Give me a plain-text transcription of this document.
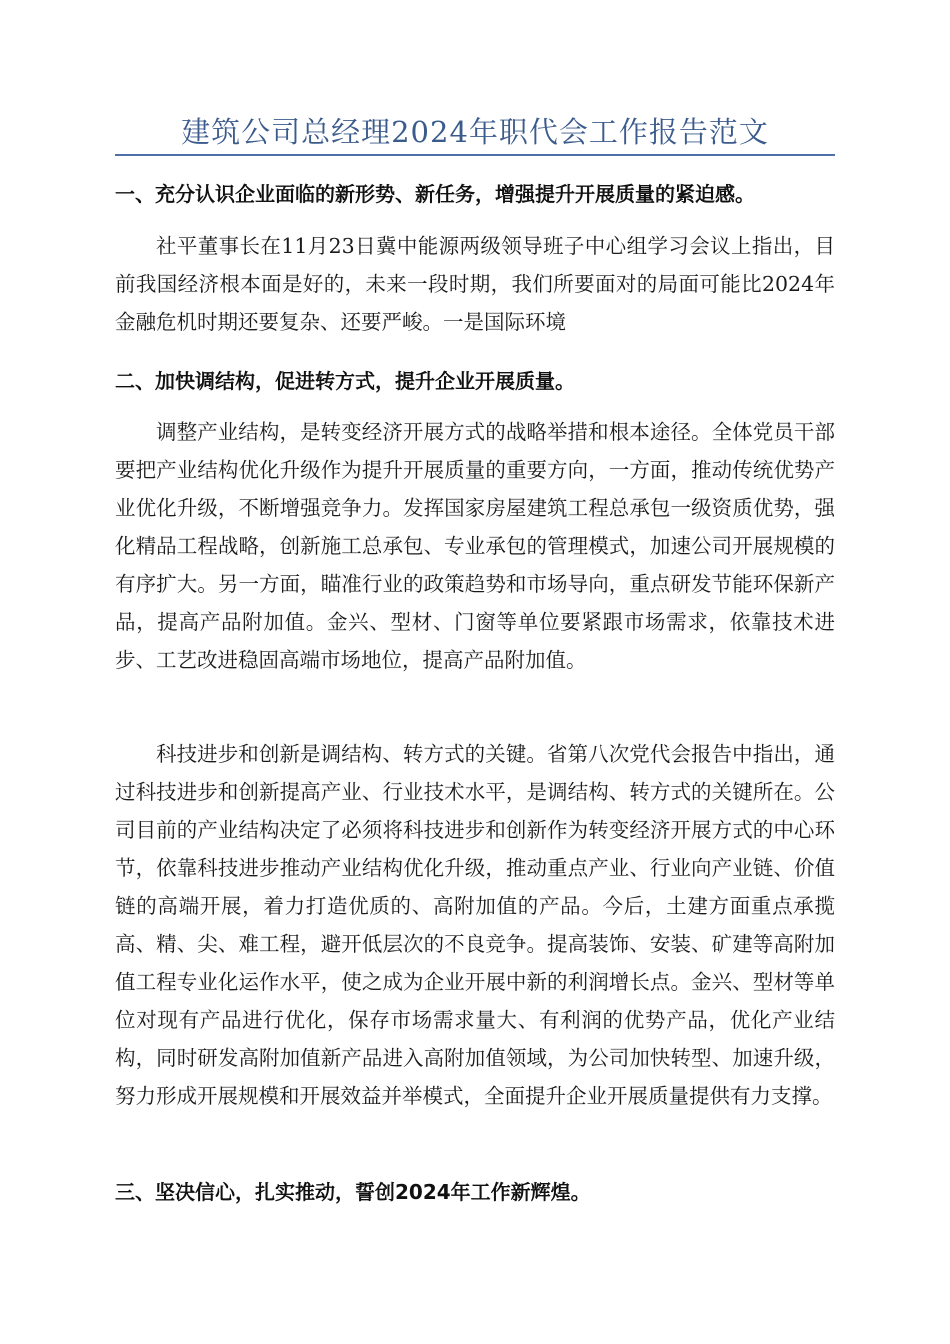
建筑公司总经理2024年职代会工作报告范文
一、充分认识企业面临的新形势、新任务，增强提升开展质量的紧迫感。
社平董事长在11月23日冀中能源两级领导班子中心组学习会议上指出，目前我国经济根本面是好的，未来一段时期，我们所要面对的局面可能比2024年金融危机时期还要复杂、还要严峻。一是国际环境
二、加快调结构，促进转方式，提升企业开展质量。
调整产业结构，是转变经济开展方式的战略举措和根本途径。全体党员干部要把产业结构优化升级作为提升开展质量的重要方向，一方面，推动传统优势产业优化升级，不断增强竞争力。发挥国家房屋建筑工程总承包一级资质优势，强化精品工程战略，创新施工总承包、专业承包的管理模式，加速公司开展规模的有序扩大。另一方面，瞄准行业的政策趋势和市场导向，重点研发节能环保新产品，提高产品附加值。金兴、型材、门窗等单位要紧跟市场需求，依靠技术进步、工艺改进稳固高端市场地位，提高产品附加值。
科技进步和创新是调结构、转方式的关键。省第八次党代会报告中指出，通过科技进步和创新提高产业、行业技术水平，是调结构、转方式的关键所在。公司目前的产业结构决定了必须将科技进步和创新作为转变经济开展方式的中心环节，依靠科技进步推动产业结构优化升级，推动重点产业、行业向产业链、价值链的高端开展，着力打造优质的、高附加值的产品。今后，土建方面重点承揽高、精、尖、难工程，避开低层次的不良竞争。提高装饰、安装、矿建等高附加值工程专业化运作水平，使之成为企业开展中新的利润增长点。金兴、型材等单位对现有产品进行优化，保存市场需求量大、有利润的优势产品，优化产业结构，同时研发高附加值新产品进入高附加值领域，为公司加快转型、加速升级，努力形成开展规模和开展效益并举模式，全面提升企业开展质量提供有力支撑。
三、坚决信心，扎实推动，誓创2024年工作新辉煌。
